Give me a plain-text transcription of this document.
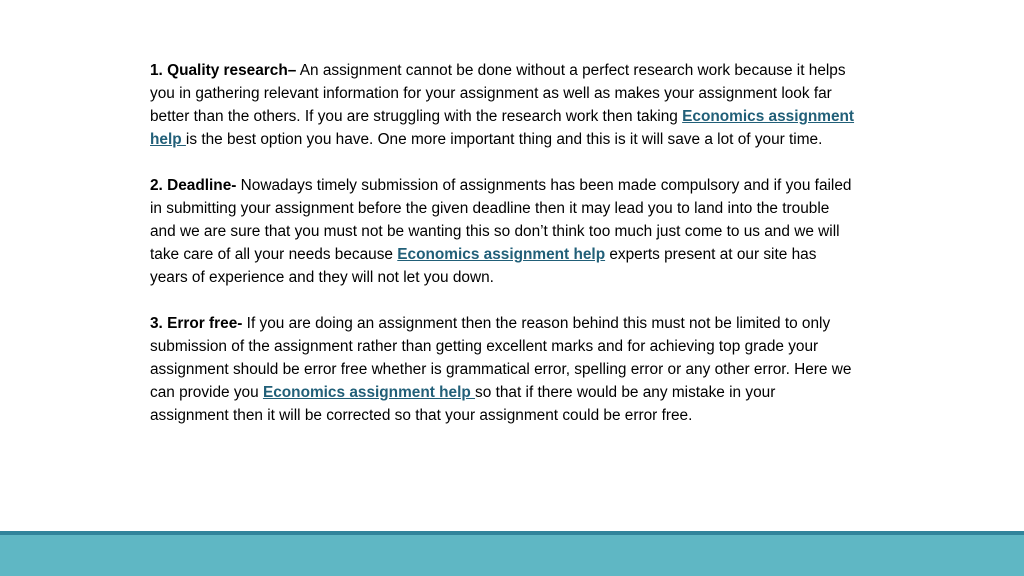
1. Quality research– An assignment cannot be done without a perfect research work because it helps you in gathering relevant information for your assignment as well as makes your assignment look far better than the others. If you are struggling with the research work then taking Economics assignment help is the best option you have. One more important thing and this is it will save a lot of your time.

2. Deadline- Nowadays timely submission of assignments has been made compulsory and if you failed in submitting your assignment before the given deadline then it may lead you to land into the trouble and we are sure that you must not be wanting this so don’t think too much just come to us and we will take care of all your needs because Economics assignment help experts present at our site has years of experience and they will not let you down.

3. Error free- If you are doing an assignment then the reason behind this must not be limited to only submission of the assignment rather than getting excellent marks and for achieving top grade your assignment should be error free whether is grammatical error, spelling error or any other error. Here we can provide you Economics assignment help so that if there would be any mistake in your assignment then it will be corrected so that your assignment could be error free.
